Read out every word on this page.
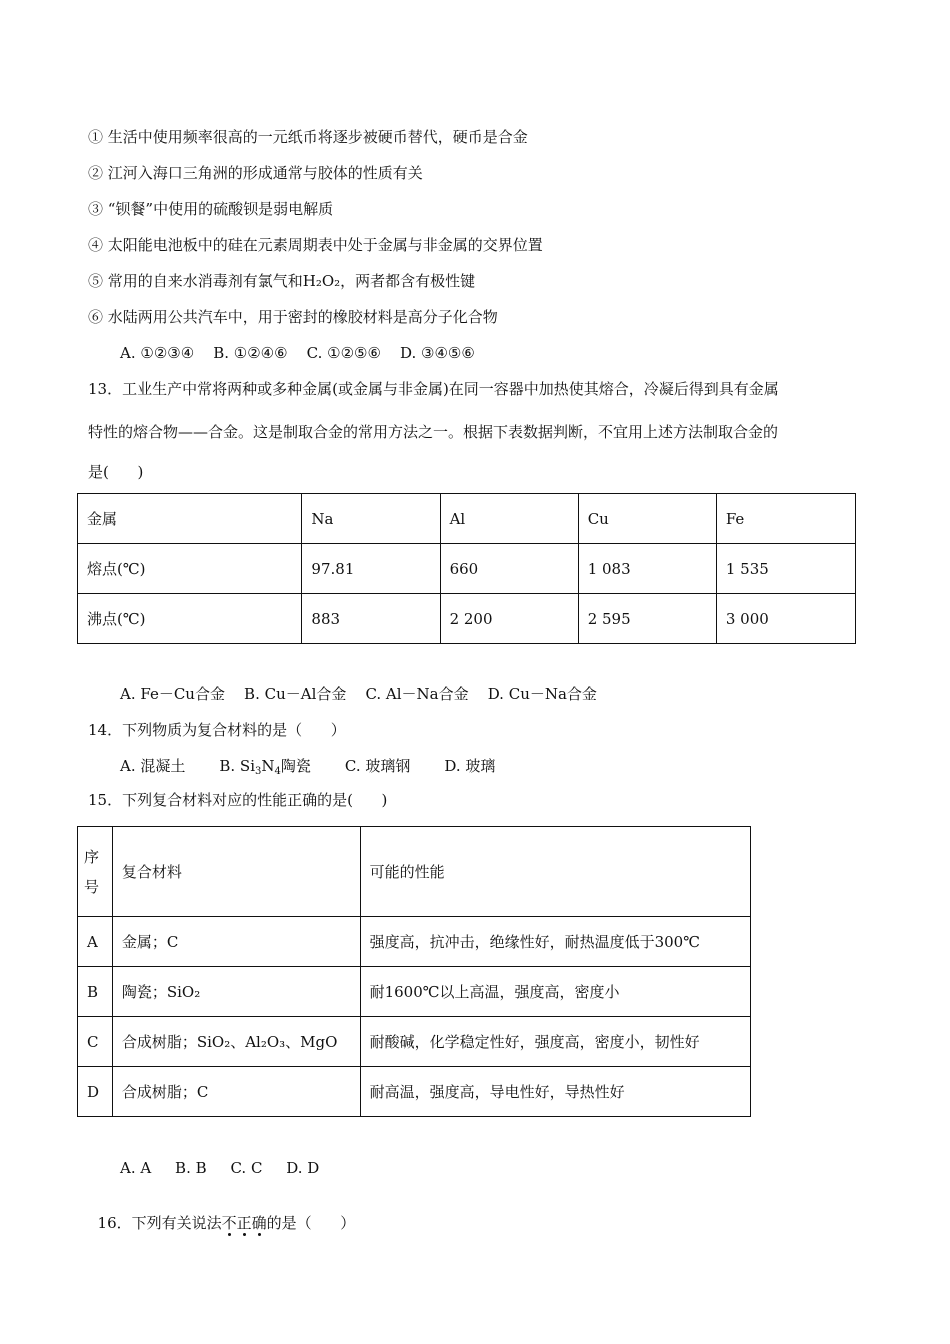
① 生活中使用频率很高的一元纸币将逐步被硬币替代，硬币是合金
② 江河入海口三角洲的形成通常与胶体的性质有关
③ “钡餐”中使用的硫酸钡是弱电解质
④ 太阳能电池板中的硅在元素周期表中处于金属与非金属的交界位置
⑤ 常用的自来水消毒剂有氯气和H₂O₂，两者都含有极性键
⑥ 水陆两用公共汽车中，用于密封的橡胶材料是高分子化合物
A. ①②③④    B. ①②④⑥    C. ①②⑤⑥    D. ③④⑤⑥
13．工业生产中常将两种或多种金属(或金属与非金属)在同一容器中加热使其熔合，冷凝后得到具有金属
特性的熔合物——合金。这是制取合金的常用方法之一。根据下表数据判断，不宜用上述方法制取合金的
是(      )
金属	Na	Al	Cu	Fe
熔点(℃)	97.81	660	1 083	1 535
沸点(℃)	883	2 200	2 595	3 000
A. Fe－Cu合金    B. Cu－Al合金    C. Al－Na合金    D. Cu－Na合金
14．下列物质为复合材料的是（      ）
A. 混凝土 B. $Si_3N_4$陶瓷 C. 玻璃钢 D. 玻璃
15．下列复合材料对应的性能正确的是(      )
序
号	复合材料	可能的性能
A	金属；C	强度高，抗冲击，绝缘性好，耐热温度低于300℃
B	陶瓷；SiO₂	耐1600℃以上高温，强度高，密度小
C	合成树脂；SiO₂、Al₂O₃、MgO	耐酸碱，化学稳定性好，强度高，密度小，韧性好
D	合成树脂；C	耐高温，强度高，导电性好，导热性好
A. A     B. B     C. C     D. D

16．下列有关说法不正确
的是（      ）
